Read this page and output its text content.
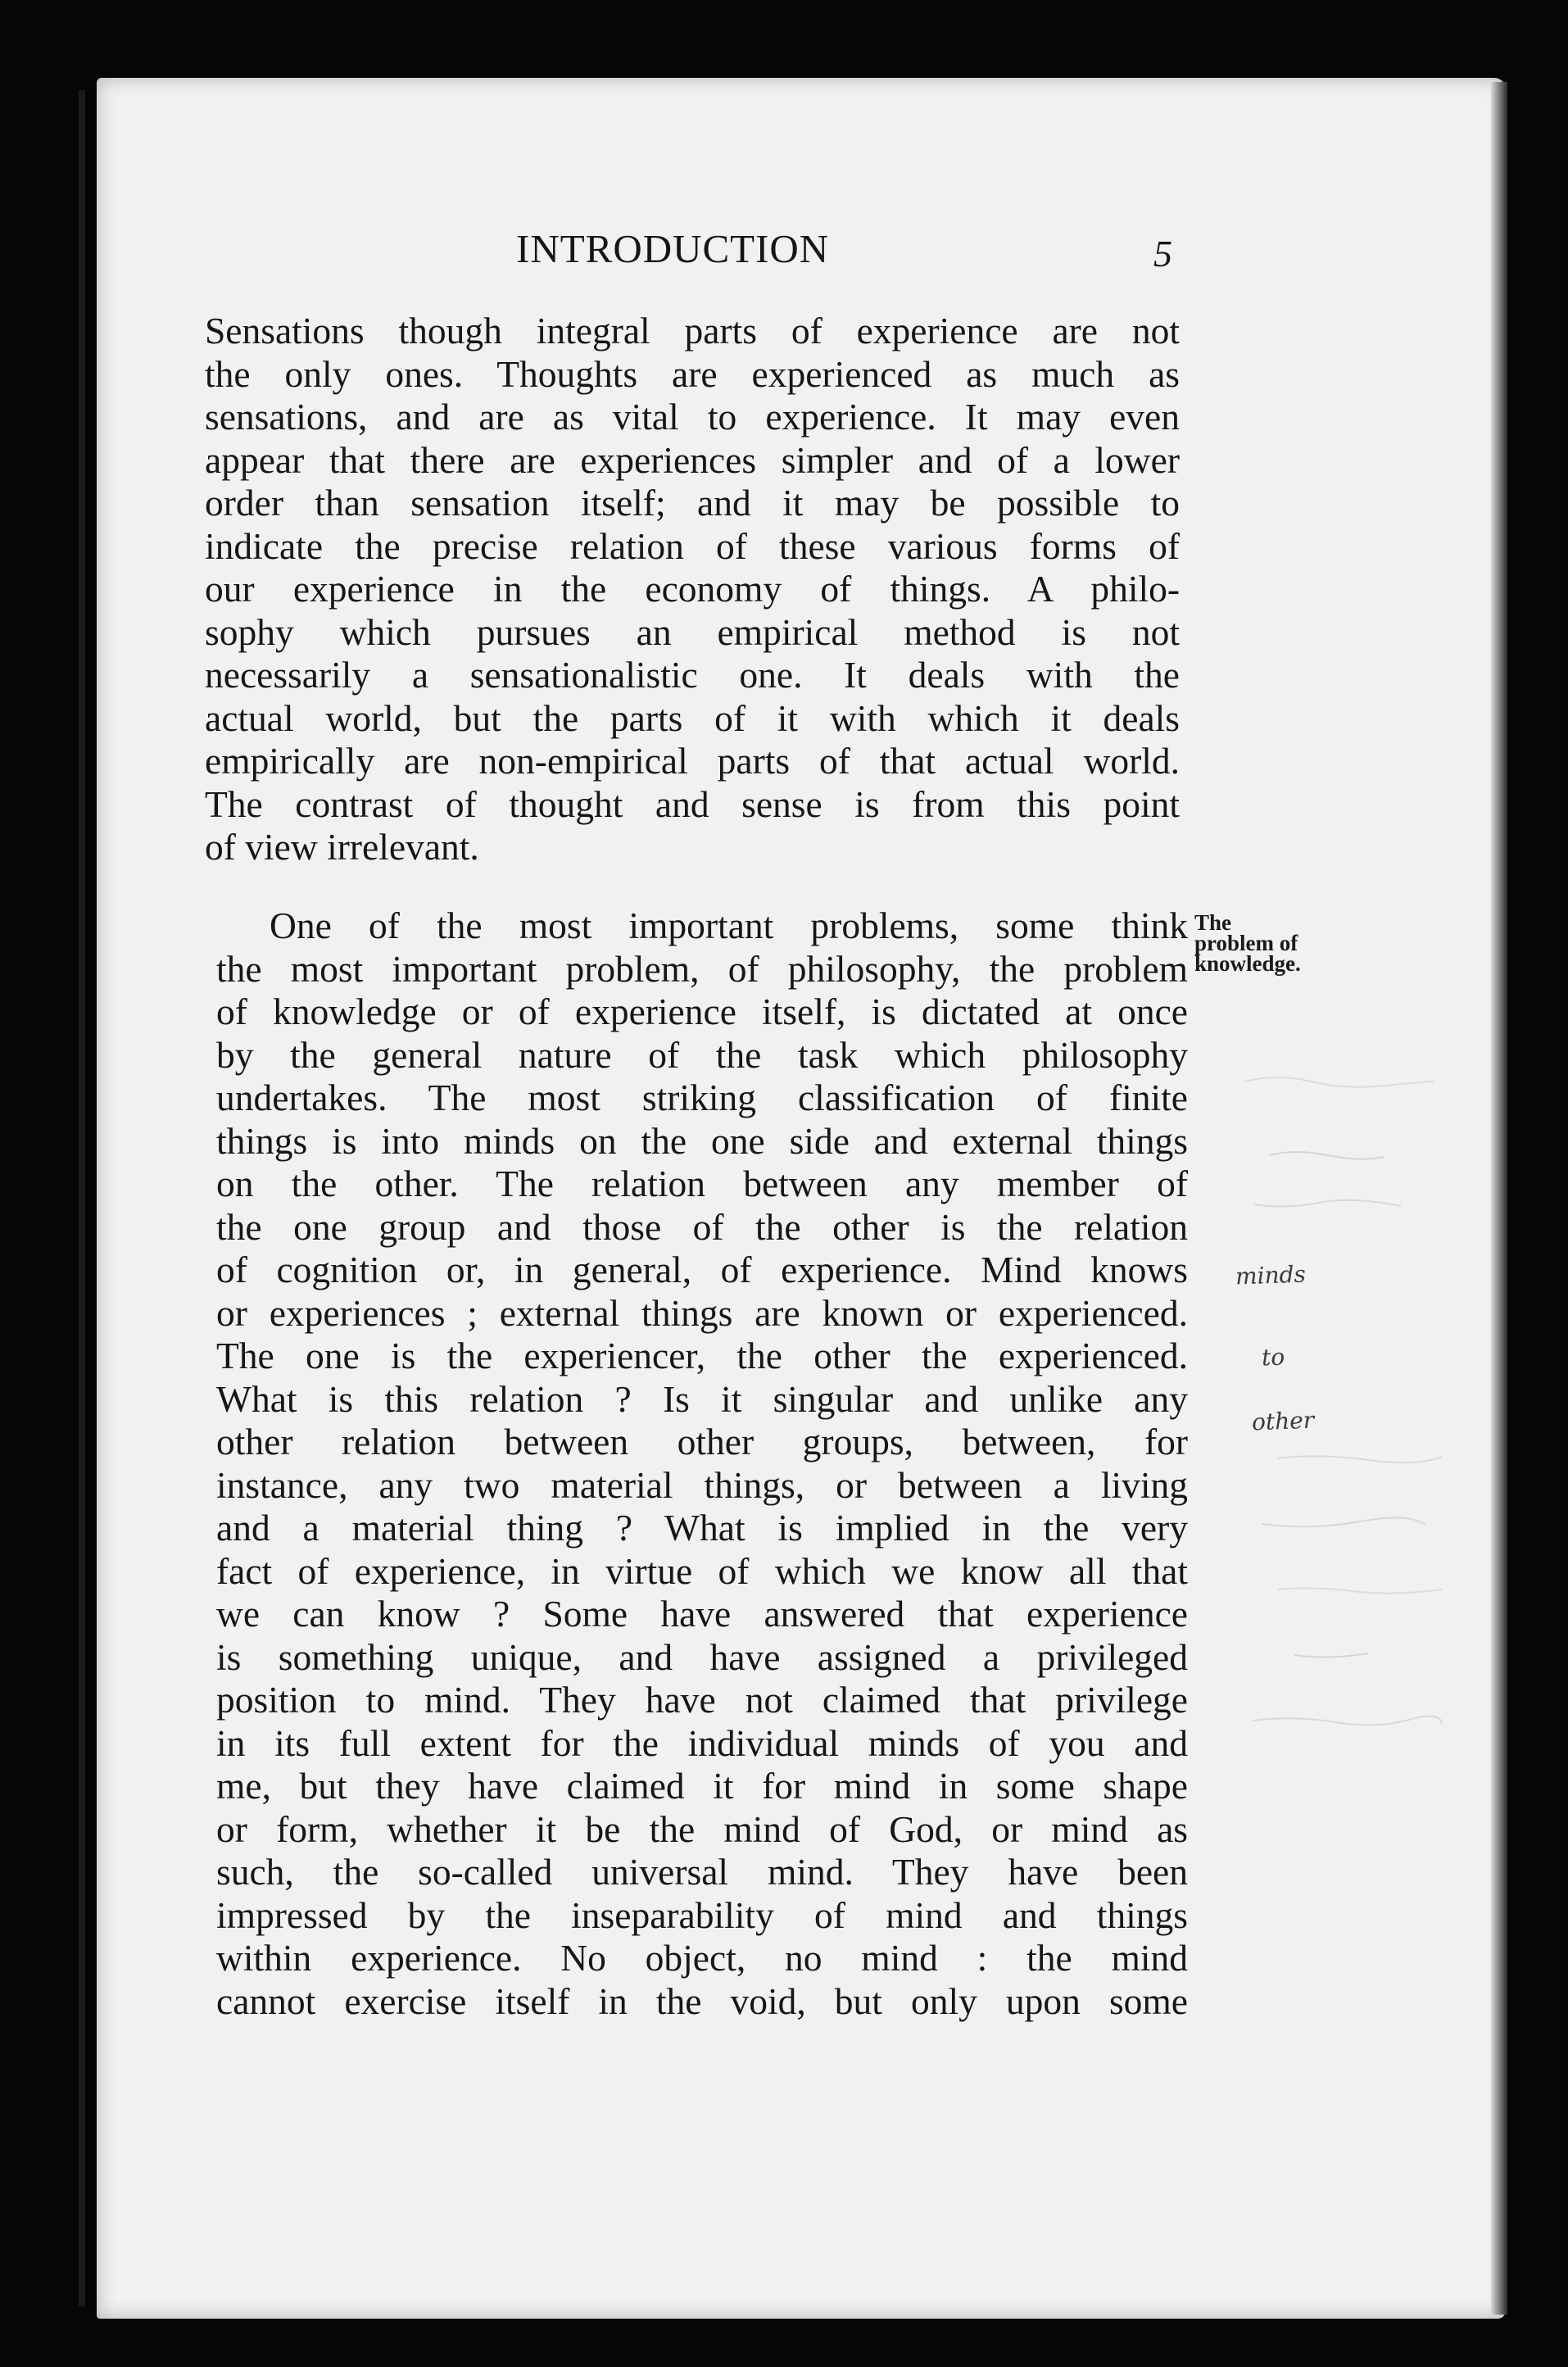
INTRODUCTION	5
Sensations though integral parts of experience are not
the only ones. Thoughts are experienced as much as
sensations, and are as vital to experience. It may even
appear that there are experiences simpler and of a lower
order than sensation itself; and it may be possible to
indicate the precise relation of these various forms of
our experience in the economy of things. A philo-
sophy which pursues an empirical method is not
necessarily a sensationalistic one. It deals with the
actual world, but the parts of it with which it deals
empirically are non-empirical parts of that actual world.
The contrast of thought and sense is from this point
of view irrelevant.
One of the most important problems, some think
the most important problem, of philosophy, the problem
of knowledge or of experience itself, is dictated at once
by the general nature of the task which philosophy
undertakes. The most striking classification of finite
things is into minds on the one side and external things
on the other. The relation between any member of
the one group and those of the other is the relation
of cognition or, in general, of experience. Mind knows
or experiences ; external things are known or experienced.
The one is the experiencer, the other the experienced.
What is this relation ? Is it singular and unlike any
other relation between other groups, between, for
instance, any two material things, or between a living
and a material thing ? What is implied in the very
fact of experience, in virtue of which we know all that
we can know ? Some have answered that experience
is something unique, and have assigned a privileged
position to mind. They have not claimed that privilege
in its full extent for the individual minds of you and
me, but they have claimed it for mind in some shape
or form, whether it be the mind of God, or mind as
such, the so-called universal mind. They have been
impressed by the inseparability of mind and things
within experience. No object, no mind : the mind
cannot exercise itself in the void, but only upon some
The
problem of
knowledge.
minds
to
other
